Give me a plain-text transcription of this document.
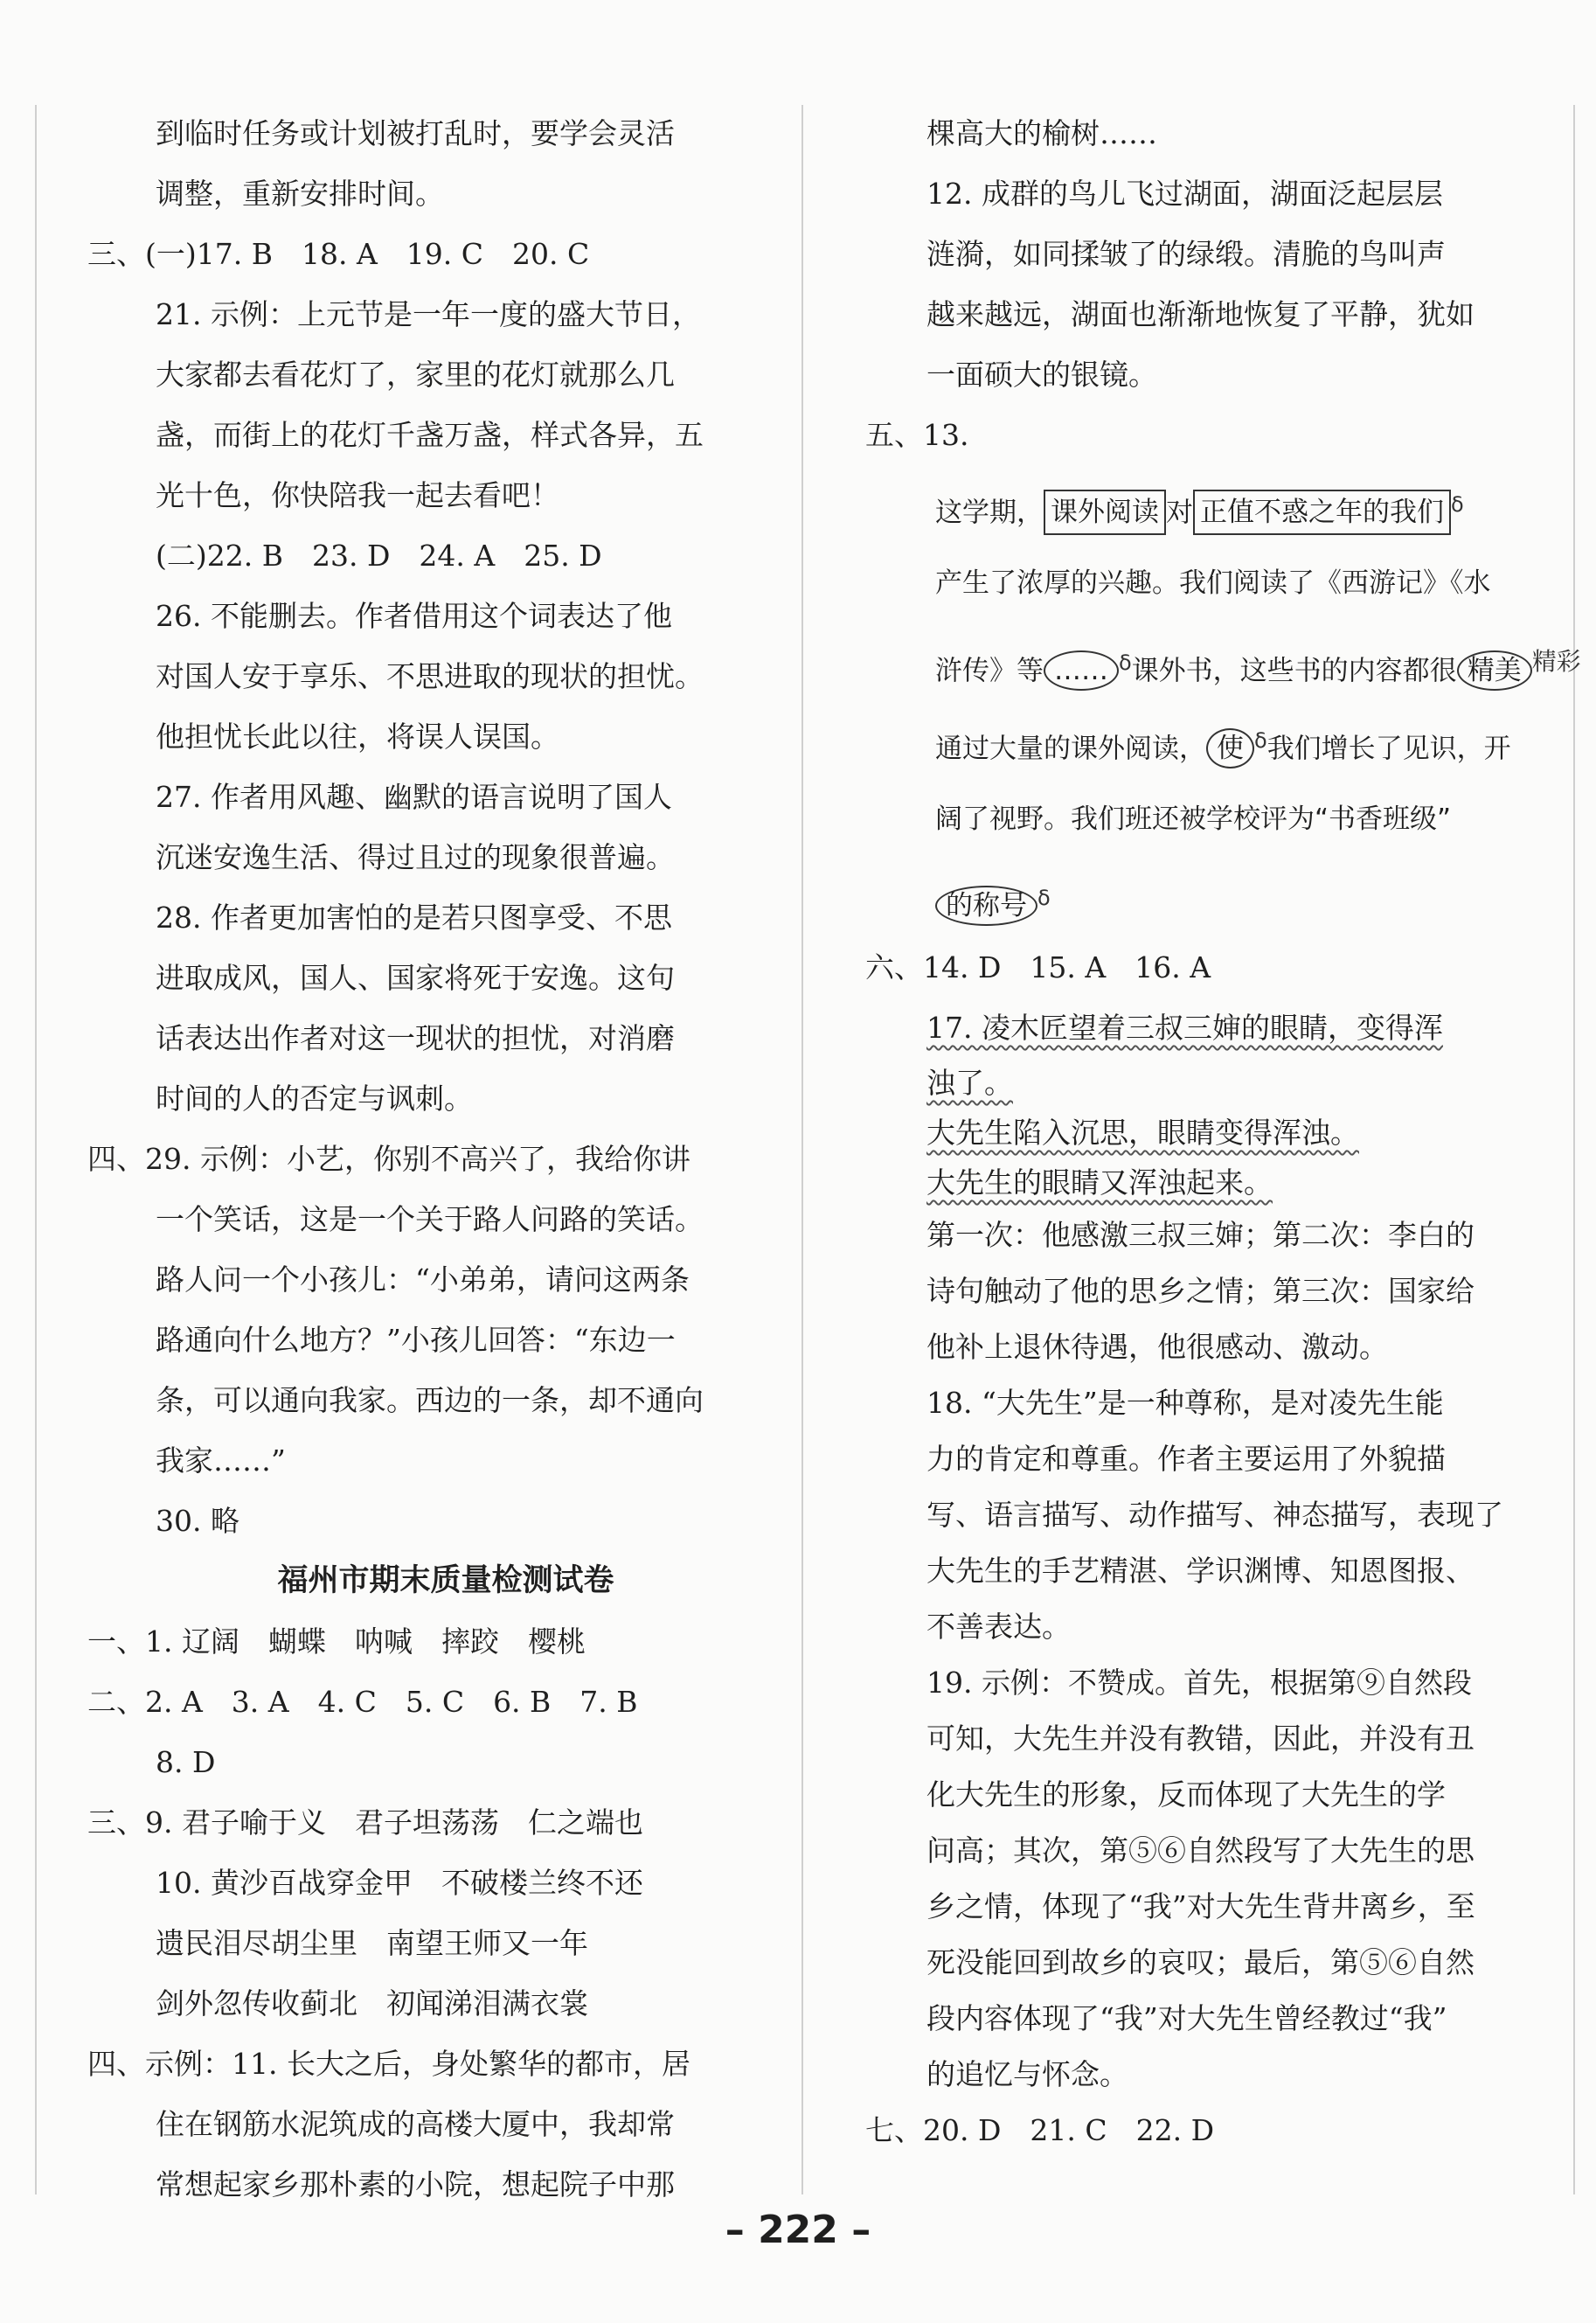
到临时任务或计划被打乱时，要学会灵活

调整，重新安排时间。

三、(一)17. B　18. A　19. C　20. C

21. 示例：上元节是一年一度的盛大节日，

大家都去看花灯了，家里的花灯就那么几

盏，而街上的花灯千盏万盏，样式各异，五

光十色，你快陪我一起去看吧！

(二)22. B　23. D　24. A　25. D

26. 不能删去。作者借用这个词表达了他

对国人安于享乐、不思进取的现状的担忧。

他担忧长此以往，将误人误国。

27. 作者用风趣、幽默的语言说明了国人

沉迷安逸生活、得过且过的现象很普遍。

28. 作者更加害怕的是若只图享受、不思

进取成风，国人、国家将死于安逸。这句

话表达出作者对这一现状的担忧，对消磨

时间的人的否定与讽刺。

四、29. 示例：小艺，你别不高兴了，我给你讲

一个笑话，这是一个关于路人问路的笑话。

路人问一个小孩儿：“小弟弟，请问这两条

路通向什么地方？”小孩儿回答：“东边一

条，可以通向我家。西边的一条，却不通向

我家……”

30. 略

福州市期末质量检测试卷

一、1. 辽阔　蝴蝶　呐喊　摔跤　樱桃

二、2. A　3. A　4. C　5. C　6. B　7. B

8. D

三、9. 君子喻于义　君子坦荡荡　仁之端也

10. 黄沙百战穿金甲　不破楼兰终不还

遗民泪尽胡尘里　南望王师又一年

剑外忽传收蓟北　初闻涕泪满衣裳

四、示例：11. 长大之后，身处繁华的都市，居

住在钢筋水泥筑成的高楼大厦中，我却常

常想起家乡那朴素的小院，想起院子中那

棵高大的榆树……

12. 成群的鸟儿飞过湖面，湖面泛起层层

涟漪，如同揉皱了的绿缎。清脆的鸟叫声

越来越远，湖面也渐渐地恢复了平静，犹如

一面硕大的银镜。

五、13.

这学期， 课外阅读 对 正值不惑之年的我们 $^\delta$

产生了浓厚的兴趣。我们阅读了《西游记》《水

浒传》等 …… $^\delta$课外书，这些书的内容都很 精美 精彩

通过大量的课外阅读， 使 $^\delta$我们增长了见识，开

阔了视野。我们班还被学校评为“书香班级”

的称号 $^\delta$

六、14. D　15. A　16. A

17. 凌木匠望着三叔三婶的眼睛，变得浑

浊了。

大先生陷入沉思，眼睛变得浑浊。

大先生的眼睛又浑浊起来。

第一次：他感激三叔三婶；第二次：李白的

诗句触动了他的思乡之情；第三次：国家给

他补上退休待遇，他很感动、激动。

18. “大先生”是一种尊称，是对凌先生能

力的肯定和尊重。作者主要运用了外貌描

写、语言描写、动作描写、神态描写，表现了

大先生的手艺精湛、学识渊博、知恩图报、

不善表达。

19. 示例：不赞成。首先，根据第⑨自然段

可知，大先生并没有教错，因此，并没有丑

化大先生的形象，反而体现了大先生的学

问高；其次，第⑤⑥自然段写了大先生的思

乡之情，体现了“我”对大先生背井离乡，至

死没能回到故乡的哀叹；最后，第⑤⑥自然

段内容体现了“我”对大先生曾经教过“我”

的追忆与怀念。

七、20. D　21. C　22. D

– 222 –
